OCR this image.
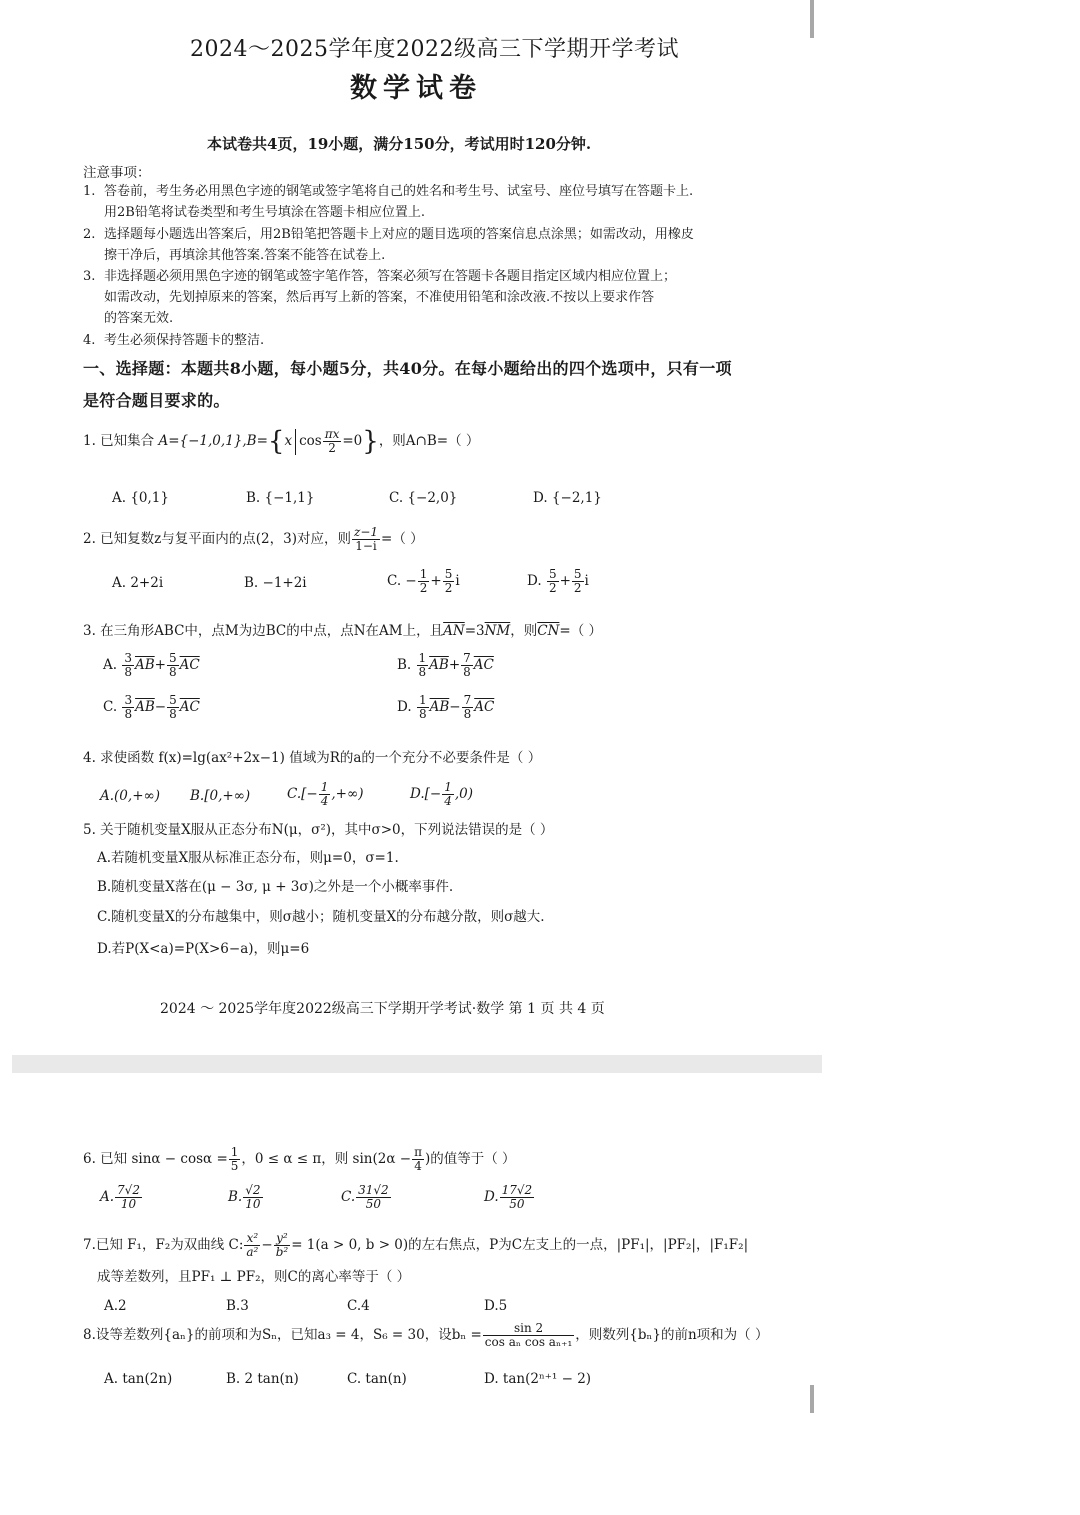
2024～2025学年度2022级高三下学期开学考试
数学试卷
本试卷共4页，19小题，满分150分，考试用时120分钟.
注意事项：
1. 答卷前，考生务必用黑色字迹的钢笔或签字笔将自己的姓名和考生号、试室号、座位号填写在答题卡上.
用2B铅笔将试卷类型和考生号填涂在答题卡相应位置上.
2. 选择题每小题选出答案后，用2B铅笔把答题卡上对应的题目选项的答案信息点涂黑；如需改动，用橡皮
擦干净后，再填涂其他答案.答案不能答在试卷上.
3. 非选择题必须用黑色字迹的钢笔或签字笔作答，答案必须写在答题卡各题目指定区域内相应位置上；
如需改动，先划掉原来的答案，然后再写上新的答案，不准使用铅笔和涂改液.不按以上要求作答
的答案无效.
4. 考生必须保持答题卡的整洁.
一、选择题：本题共8小题，每小题5分，共40分。在每小题给出的四个选项中，只有一项
是符合题目要求的。
1. 已知集合 A={−1,0,1},B={x $\cos \frac{\pi x}{2} =0$}，则A∩B=（ ）
A. {0,1}	B. {−1,1}	C. {−2,0}	D. {−2,1}
2. 已知复数z与复平面内的点(2，3)对应，则 $\frac{z-1}{1-i}$ =（ ）
A. 2+2i	B. −1+2i	C. − $\frac{1}{2} + \frac{5}{2}$ i	D. $\frac{5}{2} + \frac{5}{2}$ i
3. 在三角形ABC中，点M为边BC的中点，点N在AM上，且$\overline{AN}=3\overline{NM}$，则$\overline{CN}=$（ ）
A. $\frac{3}{8} \overline{AB}+ \frac{5}{8} \overline{AC}$	B. $\frac{1}{8} \overline{AB}+ \frac{7}{8} \overline{AC}$
C. $\frac{3}{8} \overline{AB}- \frac{5}{8} \overline{AC}$	D. $\frac{1}{8} \overline{AB}- \frac{7}{8} \overline{AC}$
4. 求使函数 f(x)=lg(ax²+2x−1) 值域为R的a的一个充分不必要条件是（ ）
A.(0,+∞) B.[0,+∞)	$C.[- \frac{1}{4}$ ,+∞)	$D.[- \frac{1}{4} ,0)$
5. 关于随机变量X服从正态分布N(μ，σ²)，其中σ>0，下列说法错误的是（ ）
A.若随机变量X服从标准正态分布，则μ=0，σ=1.
B.随机变量X落在(μ − 3σ, μ + 3σ)之外是一个小概率事件.
C.随机变量X的分布越集中，则σ越小；随机变量X的分布越分散，则σ越大.
D.若P(X<a)=P(X>6−a)，则μ=6
2024 ～ 2025学年度2022级高三下学期开学考试·数学 第 1 页 共 4 页
6. 已知 $\sin\alpha - \cos\alpha = \frac{1}{5}$ ，0 ≤ α ≤ π，则 $\sin(2\alpha - \frac{\pi}{4}$ )的值等于（ ）
A. $\frac{7√2}{10}$	B. $\frac{√2}{10}$	C. $\frac{31√2}{50}$	D. $\frac{17√2}{50}$
7.已知 F₁，F₂为双曲线 C: $\frac{\text{x²}}{\text{a²}} - \frac{\text{y²}}{\text{b²}} = 1(a > 0$, b > 0)的左右焦点，P为C左支上的一点，|PF₁|，|PF₂|，|F₁F₂|
成等差数列，且PF₁ ⊥ PF₂，则C的离心率等于（ ）
A.2	B.3	C.4	D.5
8.设等差数列{aₙ}的前项和为Sₙ，已知a₃ = 4，S₆ = 30，设$b_n = \frac{\sin 2}{\text{cos aₙ cos aₙ₊₁}}$ ，则数列{bₙ}的前n项和为（ ）
A. tan(2n)	B. 2 tan(n)	C. tan(n)	D. tan(2ⁿ⁺¹ − 2)
